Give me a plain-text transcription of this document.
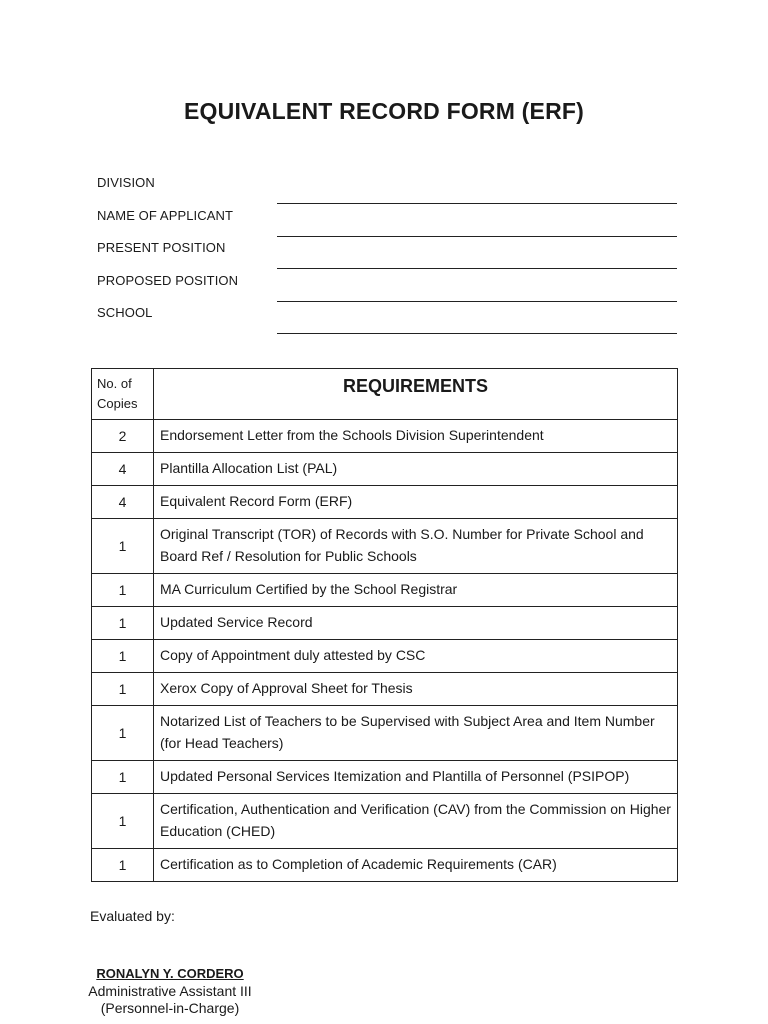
EQUIVALENT RECORD FORM (ERF)
DIVISION
NAME OF APPLICANT
PRESENT POSITION
PROPOSED POSITION
SCHOOL
No. of Copies	REQUIREMENTS
2	Endorsement Letter from the Schools Division Superintendent
4	Plantilla Allocation List (PAL)
4	Equivalent Record Form (ERF)
1	Original Transcript (TOR) of Records with S.O. Number for Private School and Board Ref / Resolution for Public Schools
1	MA Curriculum Certified by the School Registrar
1	Updated Service Record
1	Copy of Appointment duly attested by CSC
1	Xerox Copy of Approval Sheet for Thesis
1	Notarized List of Teachers to be Supervised with Subject Area and Item Number (for Head Teachers)
1	Updated Personal Services Itemization and Plantilla of Personnel (PSIPOP)
1	Certification, Authentication and Verification (CAV) from the Commission on Higher Education (CHED)
1	Certification as to Completion of Academic Requirements (CAR)
Evaluated by:
RONALYN Y. CORDERO
Administrative Assistant III
(Personnel-in-Charge)
